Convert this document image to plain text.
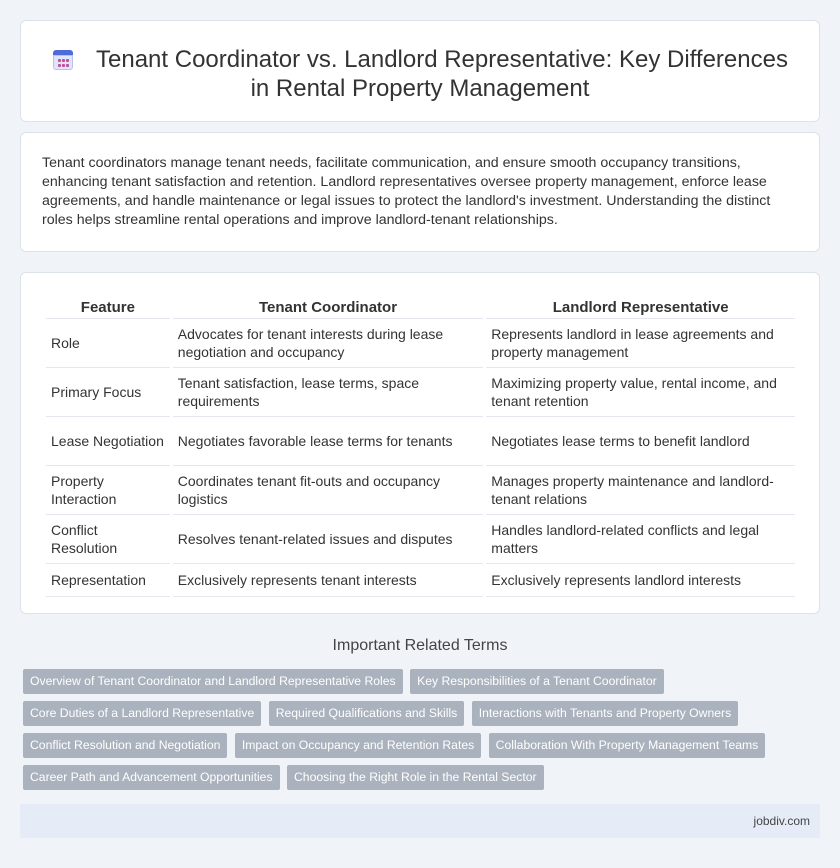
Tenant Coordinator vs. Landlord Representative: Key Differences in Rental Property Management

Tenant coordinators manage tenant needs, facilitate communication, and ensure smooth occupancy transitions, enhancing tenant satisfaction and retention. Landlord representatives oversee property management, enforce lease agreements, and handle maintenance or legal issues to protect the landlord's investment. Understanding the distinct roles helps streamline rental operations and improve landlord-tenant relationships.

Feature	Tenant Coordinator	Landlord Representative
Role	Advocates for tenant interests during lease negotiation and occupancy	Represents landlord in lease agreements and property management
Primary Focus	Tenant satisfaction, lease terms, space requirements	Maximizing property value, rental income, and tenant retention
Lease Negotiation	Negotiates favorable lease terms for tenants	Negotiates lease terms to benefit landlord
Property Interaction	Coordinates tenant fit-outs and occupancy logistics	Manages property maintenance and landlord-tenant relations
Conflict Resolution	Resolves tenant-related issues and disputes	Handles landlord-related conflicts and legal matters
Representation	Exclusively represents tenant interests	Exclusively represents landlord interests
Important Related Terms
Overview of Tenant Coordinator and Landlord Representative Roles Key Responsibilities of a Tenant Coordinator Core Duties of a Landlord Representative Required Qualifications and Skills Interactions with Tenants and Property Owners Conflict Resolution and Negotiation Impact on Occupancy and Retention Rates Collaboration With Property Management Teams Career Path and Advancement Opportunities Choosing the Right Role in the Rental Sector
jobdiv.com
